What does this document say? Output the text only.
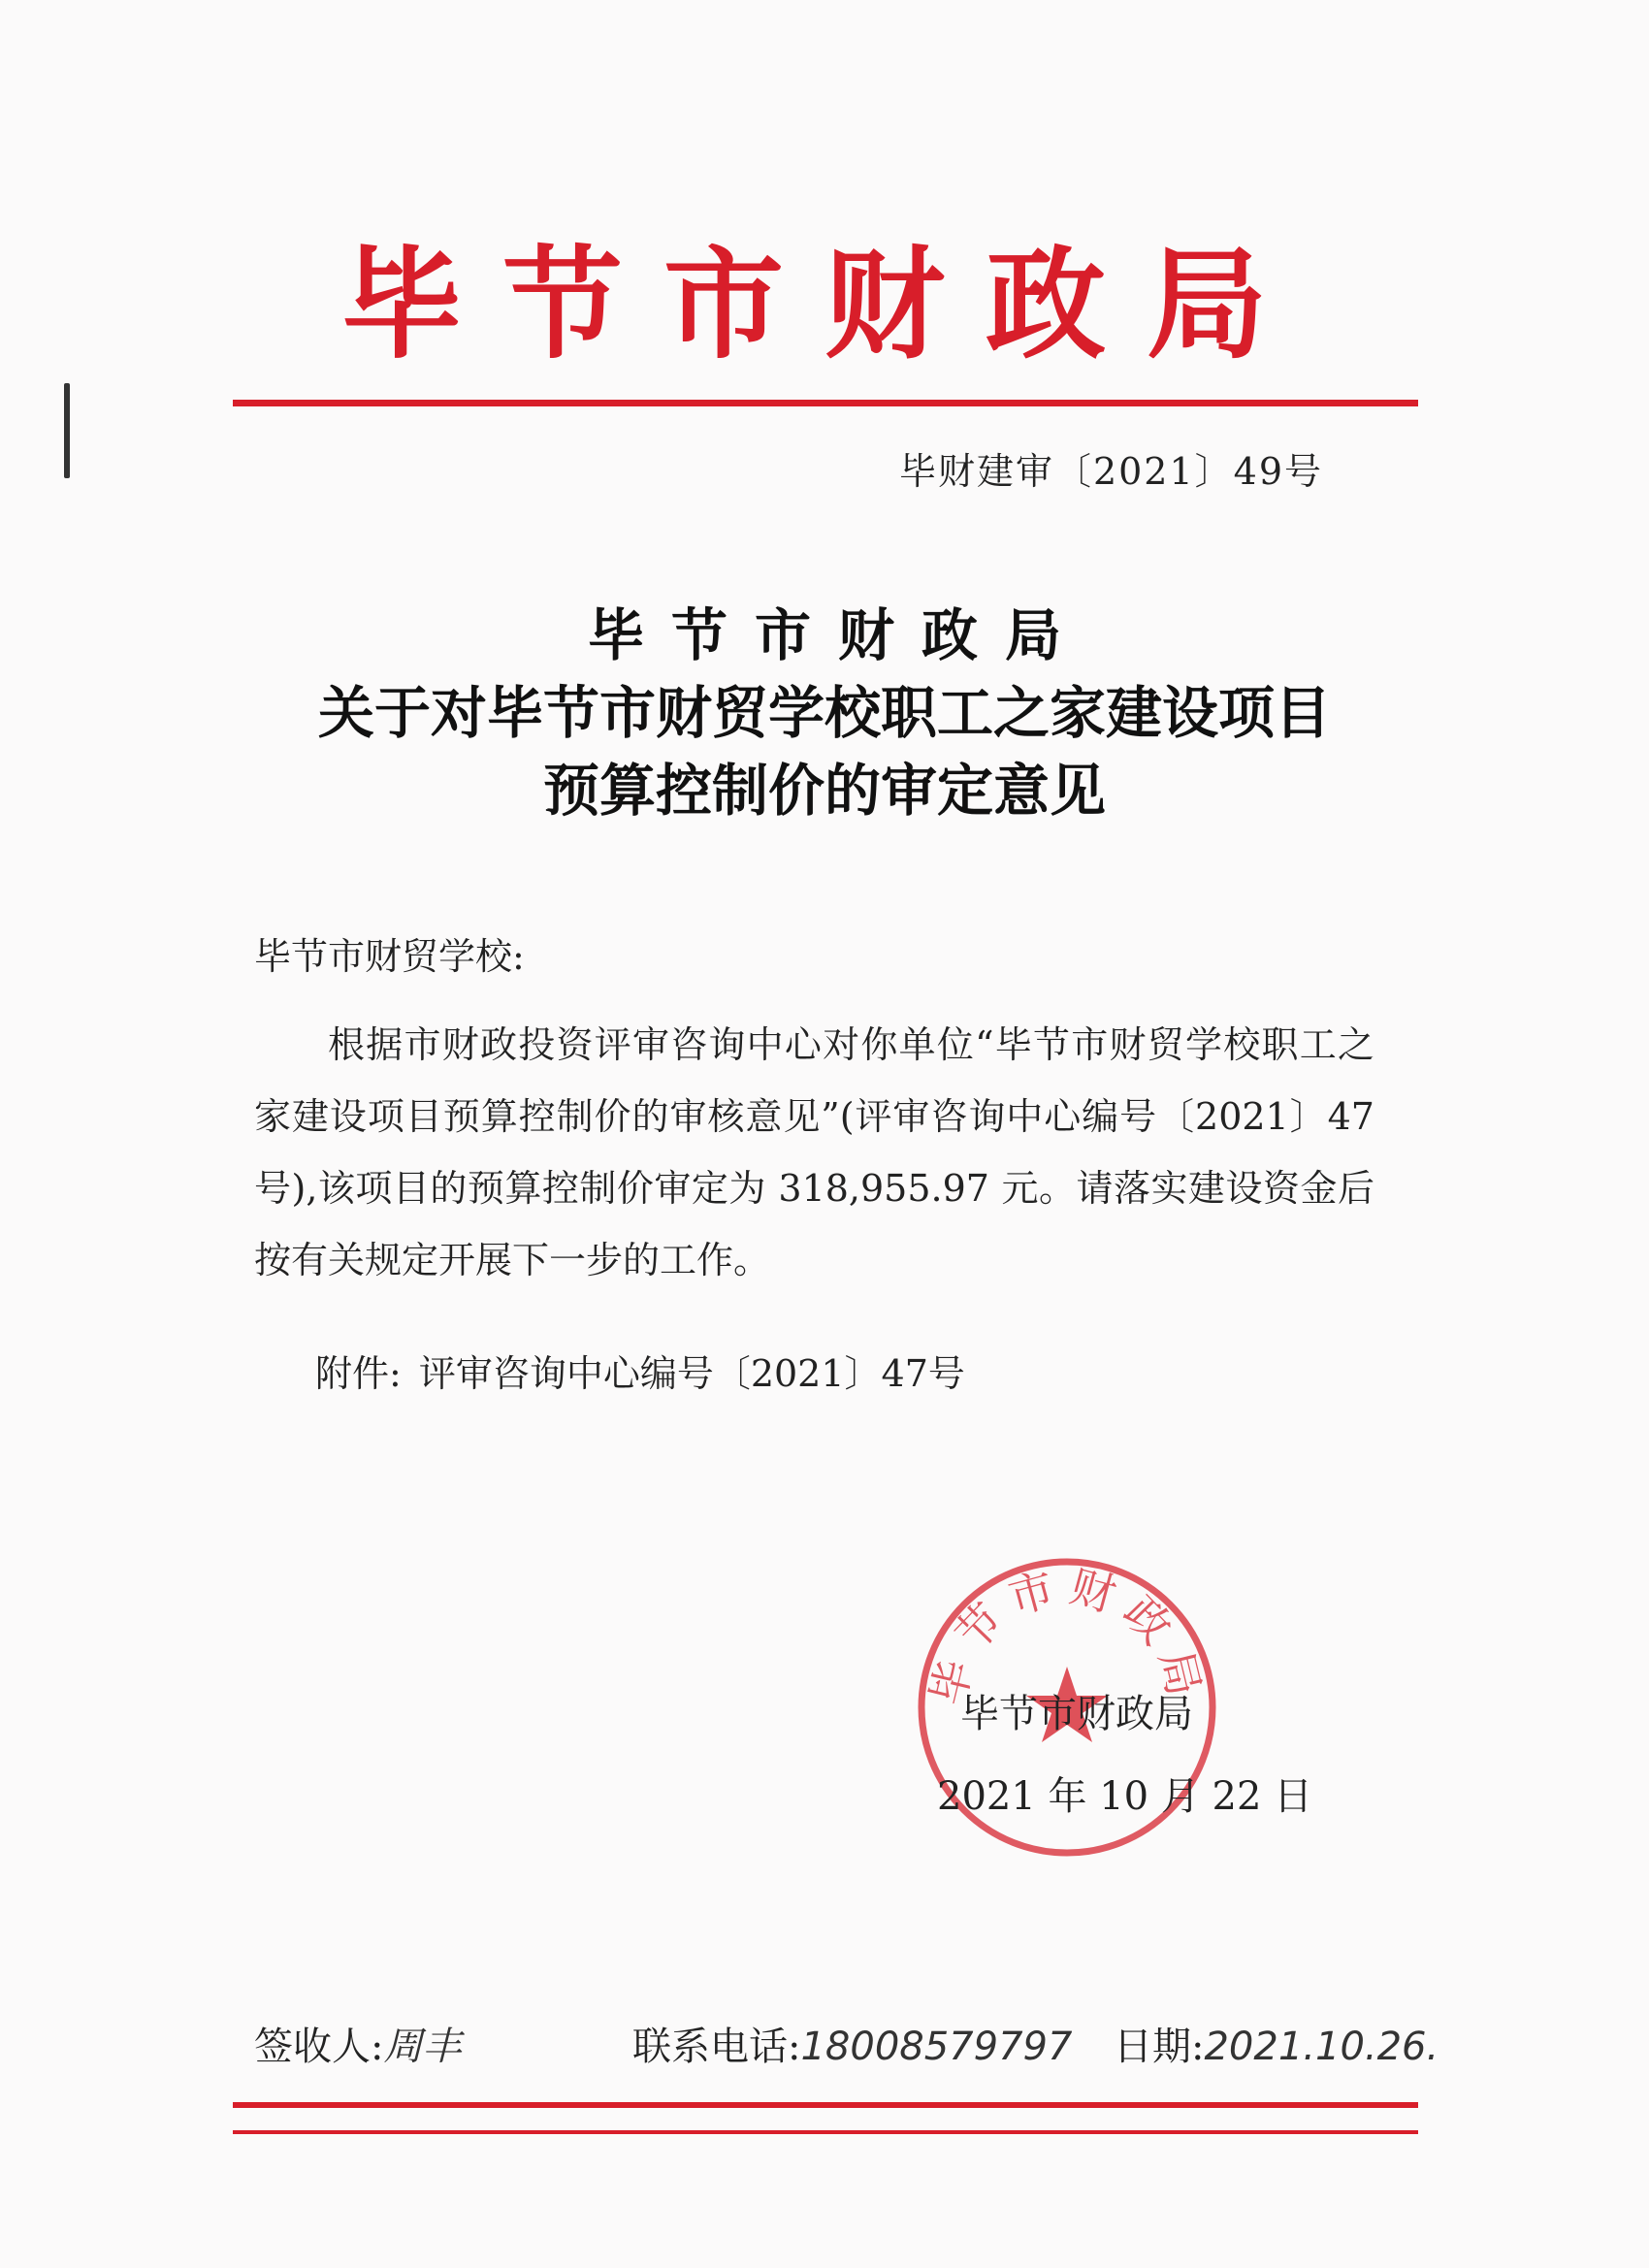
毕节市财政局
毕财建审〔2021〕49号
毕节市财政局
关于对毕节市财贸学校职工之家建设项目
预算控制价的审定意见
毕节市财贸学校:
根据市财政投资评审咨询中心对你单位“毕节市财贸学校职工之家建设项目预算控制价的审核意见”(评审咨询中心编号〔2021〕47号),该项目的预算控制价审定为 318,955.97 元。请落实建设资金后按有关规定开展下一步的工作。
附件: 评审咨询中心编号〔2021〕47号
毕节市财政局
毕节市财政局
2021 年 10 月 22 日
签收人:周丰	联系电话:18008579797 日期:2021.10.26.
